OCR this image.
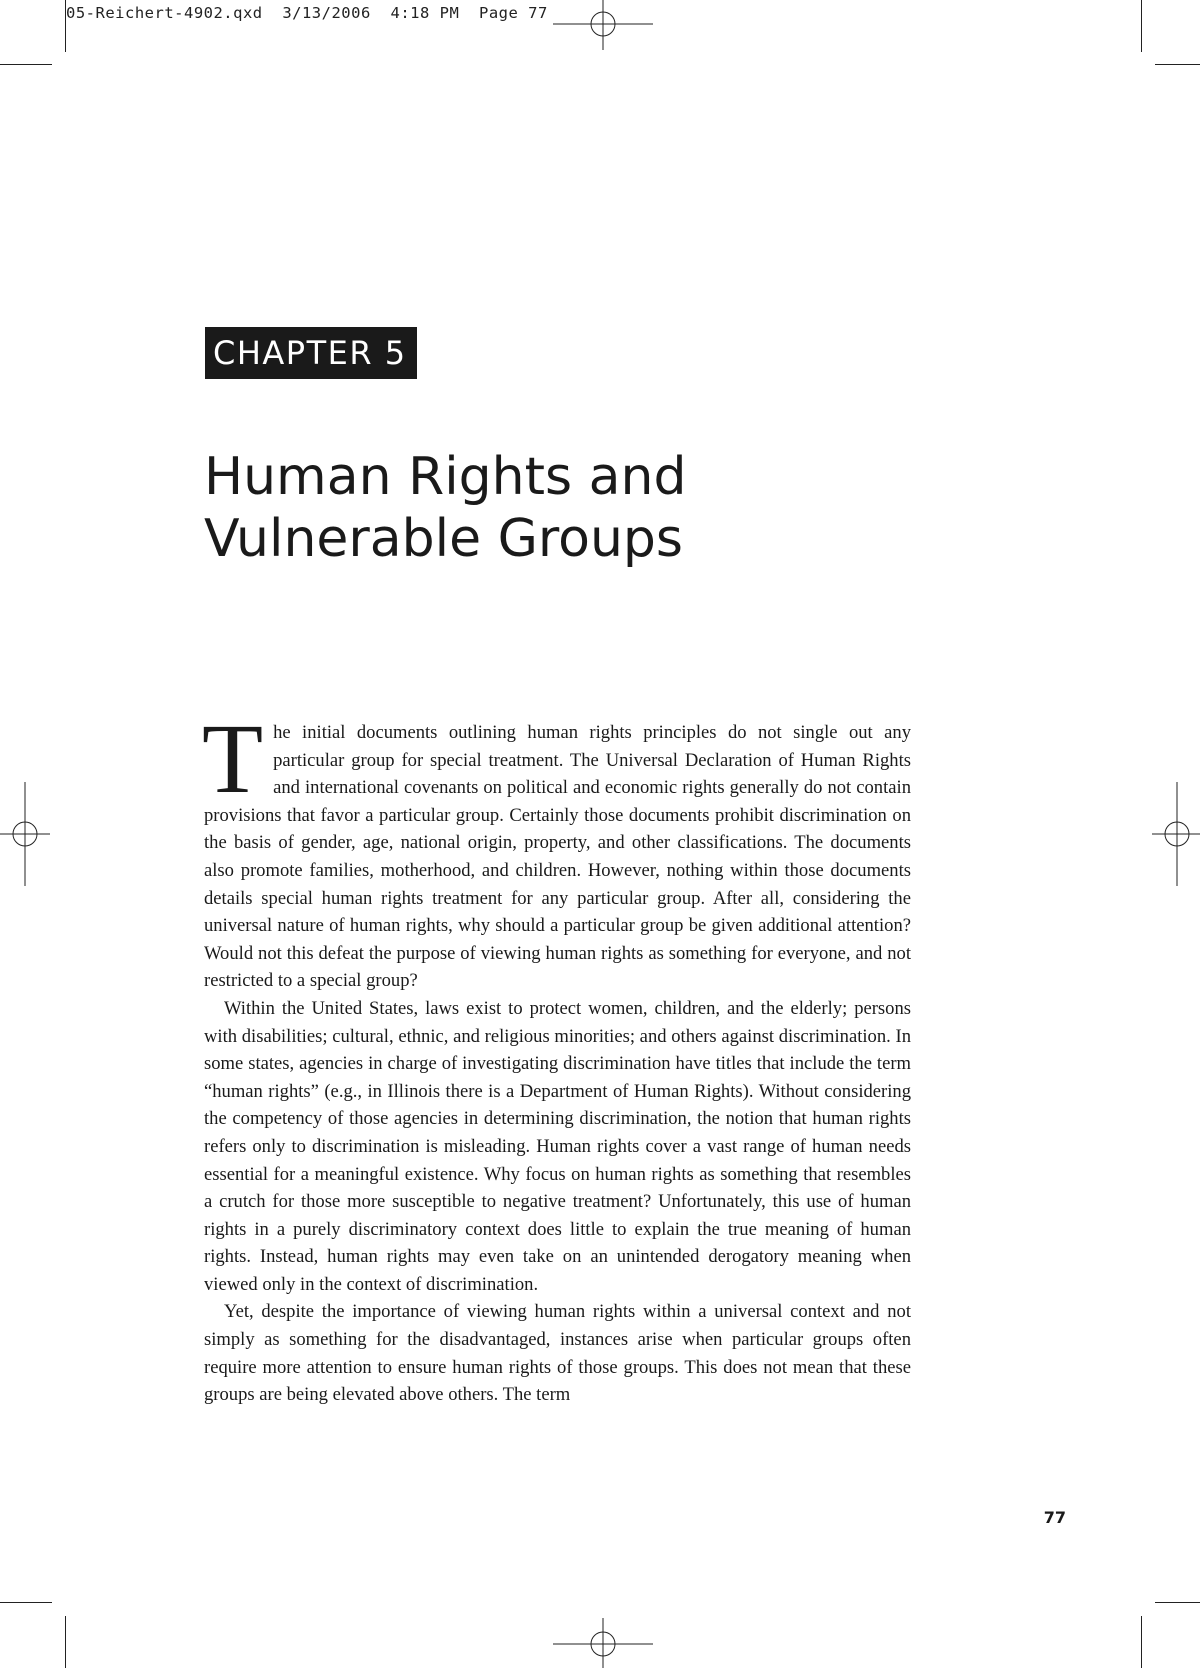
05-Reichert-4902.qxd 3/13/2006 4:18 PM Page 77
CHAPTER 5
Human Rights and
Vulnerable Groups

The initial documents outlining human rights principles do not single out any particular group for special treatment. The Universal Declaration of Human Rights and international covenants on political and economic rights generally do not contain provisions that favor a particular group. Certainly those documents prohibit discrimination on the basis of gender, age, national origin, property, and other classifications. The documents also promote families, motherhood, and children. However, nothing within those documents details special human rights treatment for any particular group. After all, considering the universal nature of human rights, why should a particular group be given additional attention? Would not this defeat the purpose of viewing human rights as something for everyone, and not restricted to a special group?

Within the United States, laws exist to protect women, children, and the elderly; persons with disabilities; cultural, ethnic, and religious minorities; and others against discrimination. In some states, agencies in charge of investigating discrimination have titles that include the term “human rights” (e.g., in Illinois there is a Department of Human Rights). Without considering the competency of those agencies in determining discrimination, the notion that human rights refers only to discrimination is misleading. Human rights cover a vast range of human needs essential for a meaningful existence. Why focus on human rights as something that resembles a crutch for those more susceptible to negative treatment? Unfortunately, this use of human rights in a purely discriminatory context does little to explain the true meaning of human rights. Instead, human rights may even take on an unintended derogatory meaning when viewed only in the context of discrimination.

Yet, despite the importance of viewing human rights within a universal context and not simply as something for the disadvantaged, instances arise when particular groups often require more attention to ensure human rights of those groups. This does not mean that these groups are being elevated above others. The term

77
